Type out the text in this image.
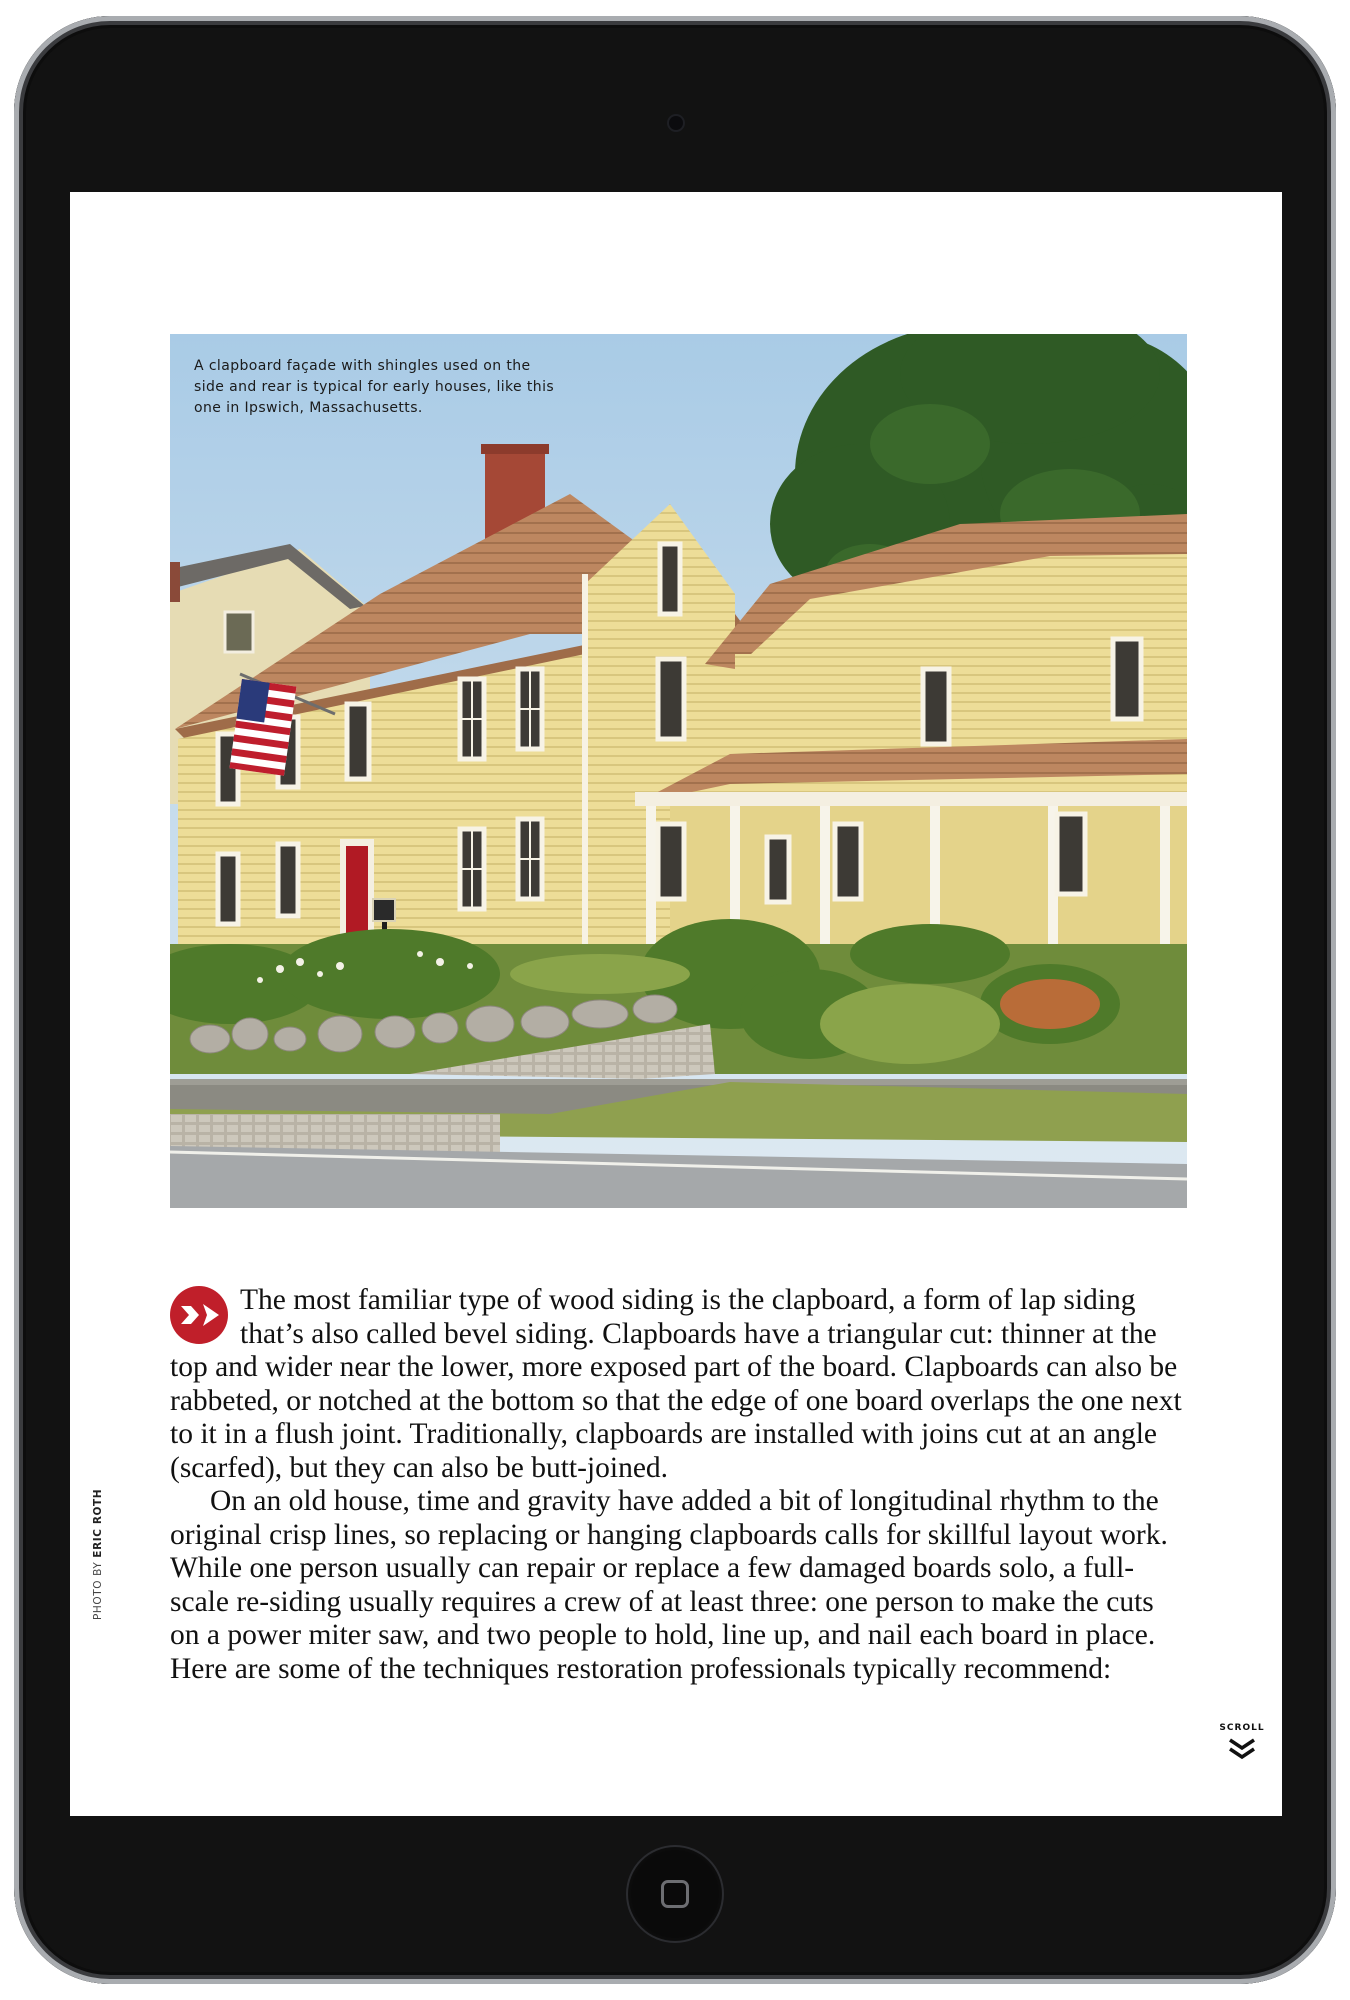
A clapboard façade with shingles used on the side and rear is typical for early houses, like this one in Ipswich, Massachusetts.

The most familiar type of wood siding is the clapboard, a form of lap siding that’s also called bevel siding. Clapboards have a triangular cut: thinner at the top and wider near the lower, more exposed part of the board. Clapboards can also be rabbeted, or notched at the bottom so that the edge of one board overlaps the one next to it in a flush joint. Traditionally, clapboards are installed with joins cut at an angle (scarfed), but they can also be butt-joined.

On an old house, time and gravity have added a bit of longitudinal rhythm to the original crisp lines, so replacing or hanging clapboards calls for skillful layout work. While one person usually can repair or replace a few damaged boards solo, a full-scale re-siding usually requires a crew of at least three: one person to make the cuts on a power miter saw, and two people to hold, line up, and nail each board in place. Here are some of the techniques restoration professionals typically recommend:

PHOTO BY ERIC ROTH
SCROLL
